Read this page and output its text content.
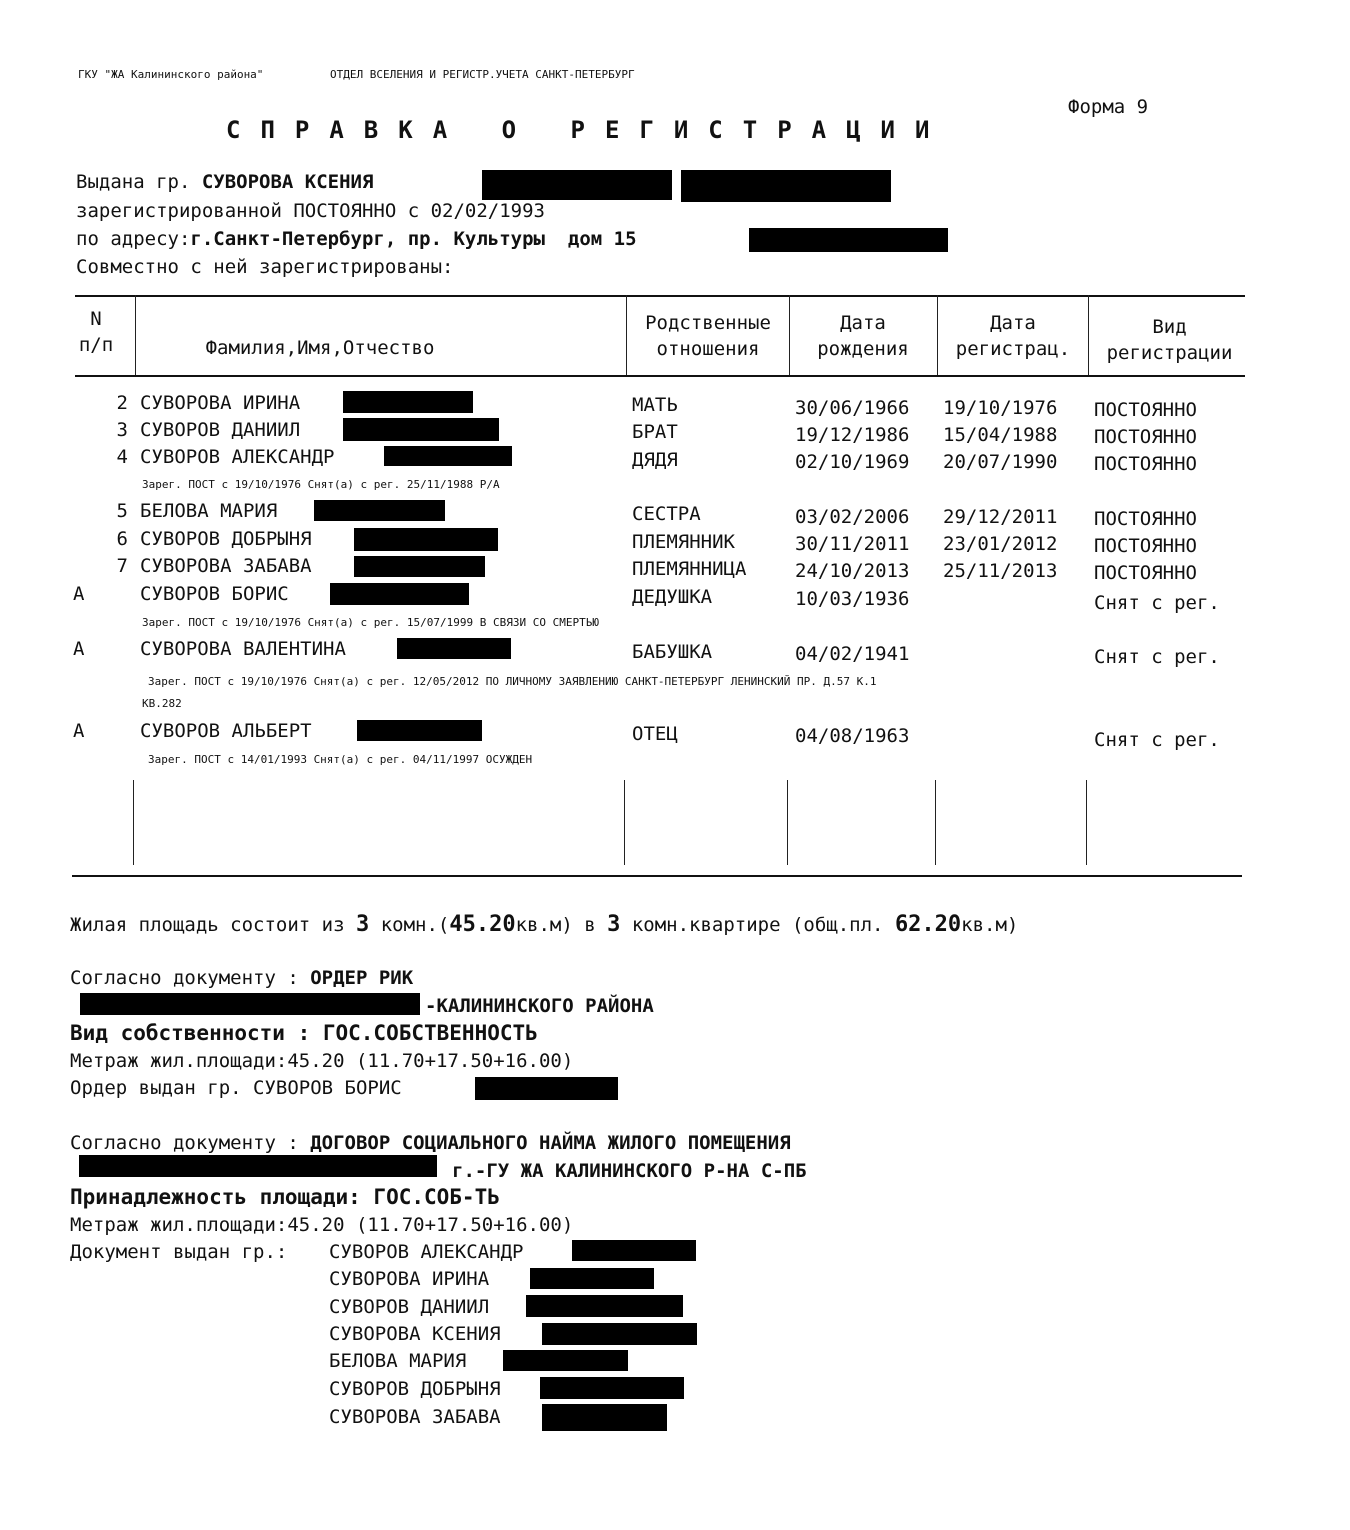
ГКУ "ЖА Калининского района"	ОТДЕЛ ВСЕЛЕНИЯ И РЕГИСТР.УЧЕТА САНКТ-ПЕТЕРБУРГ
Форма 9
СПРАВКА О РЕГИСТРАЦИИ
Выдана гр. СУВОРОВА КСЕНИЯ
зарегистрированной ПОСТОЯННО с 02/02/1993
по адресу:г.Санкт-Петербург, пр. Культуры  дом 15
Совместно с ней зарегистрированы:
N
п/п	Фамилия,Имя,Отчество
Родственные
отношения
Дата
рождения
Дата
регистрац.
Вид
регистрации
2 СУВОРОВА ИРИНА	МАТЬ	30/06/1966 19/10/1976 ПОСТОЯННО
3 СУВОРОВ ДАНИИЛ	БРАТ	19/12/1986 15/04/1988 ПОСТОЯННО
4 СУВОРОВ АЛЕКСАНДР	ДЯДЯ	02/10/1969 20/07/1990 ПОСТОЯННО
Зарег. ПОСТ с 19/10/1976 Снят(а) с рег. 25/11/1988 Р/А
5 БЕЛОВА МАРИЯ	СЕСТРА	03/02/2006 29/12/2011 ПОСТОЯННО
6 СУВОРОВ ДОБРЫНЯ	ПЛЕМЯННИК	30/11/2011 23/01/2012 ПОСТОЯННО
7 СУВОРОВА ЗАБАВА	ПЛЕМЯННИЦА	24/10/2013 25/11/2013 ПОСТОЯННО
А	СУВОРОВ БОРИС	ДЕДУШКА	10/03/1936	Снят с рег.
Зарег. ПОСТ с 19/10/1976 Снят(а) с рег. 15/07/1999 В СВЯЗИ СО СМЕРТЬЮ
А	СУВОРОВА ВАЛЕНТИНА	БАБУШКА	04/02/1941	Снят с рег.
Зарег. ПОСТ с 19/10/1976 Снят(а) с рег. 12/05/2012 ПО ЛИЧНОМУ ЗАЯВЛЕНИЮ САНКТ-ПЕТЕРБУРГ ЛЕНИНСКИЙ ПР. Д.57 К.1
КВ.282
А	СУВОРОВ АЛЬБЕРТ	ОТЕЦ	04/08/1963	Снят с рег.
Зарег. ПОСТ с 14/01/1993 Снят(а) с рег. 04/11/1997 ОСУЖДЕН
Жилая площадь состоит из 3 комн.(45.20кв.м) в 3 комн.квартире (общ.пл. 62.20кв.м)
Согласно документу : ОРДЕР РИК
-КАЛИНИНСКОГО РАЙОНА
Вид собственности : ГОС.СОБСТВЕННОСТЬ
Метраж жил.площади:45.20 (11.70+17.50+16.00)
Ордер выдан гр. СУВОРОВ БОРИС
Согласно документу : ДОГОВОР СОЦИАЛЬНОГО НАЙМА ЖИЛОГО ПОМЕЩЕНИЯ
г.-ГУ ЖА КАЛИНИНСКОГО Р-НА С-ПБ
Принадлежность площади: ГОС.СОБ-ТЬ
Метраж жил.площади:45.20 (11.70+17.50+16.00)
Документ выдан гр.: СУВОРОВ АЛЕКСАНДР
СУВОРОВА ИРИНА
СУВОРОВ ДАНИИЛ
СУВОРОВА КСЕНИЯ
БЕЛОВА МАРИЯ
СУВОРОВ ДОБРЫНЯ
СУВОРОВА ЗАБАВА
